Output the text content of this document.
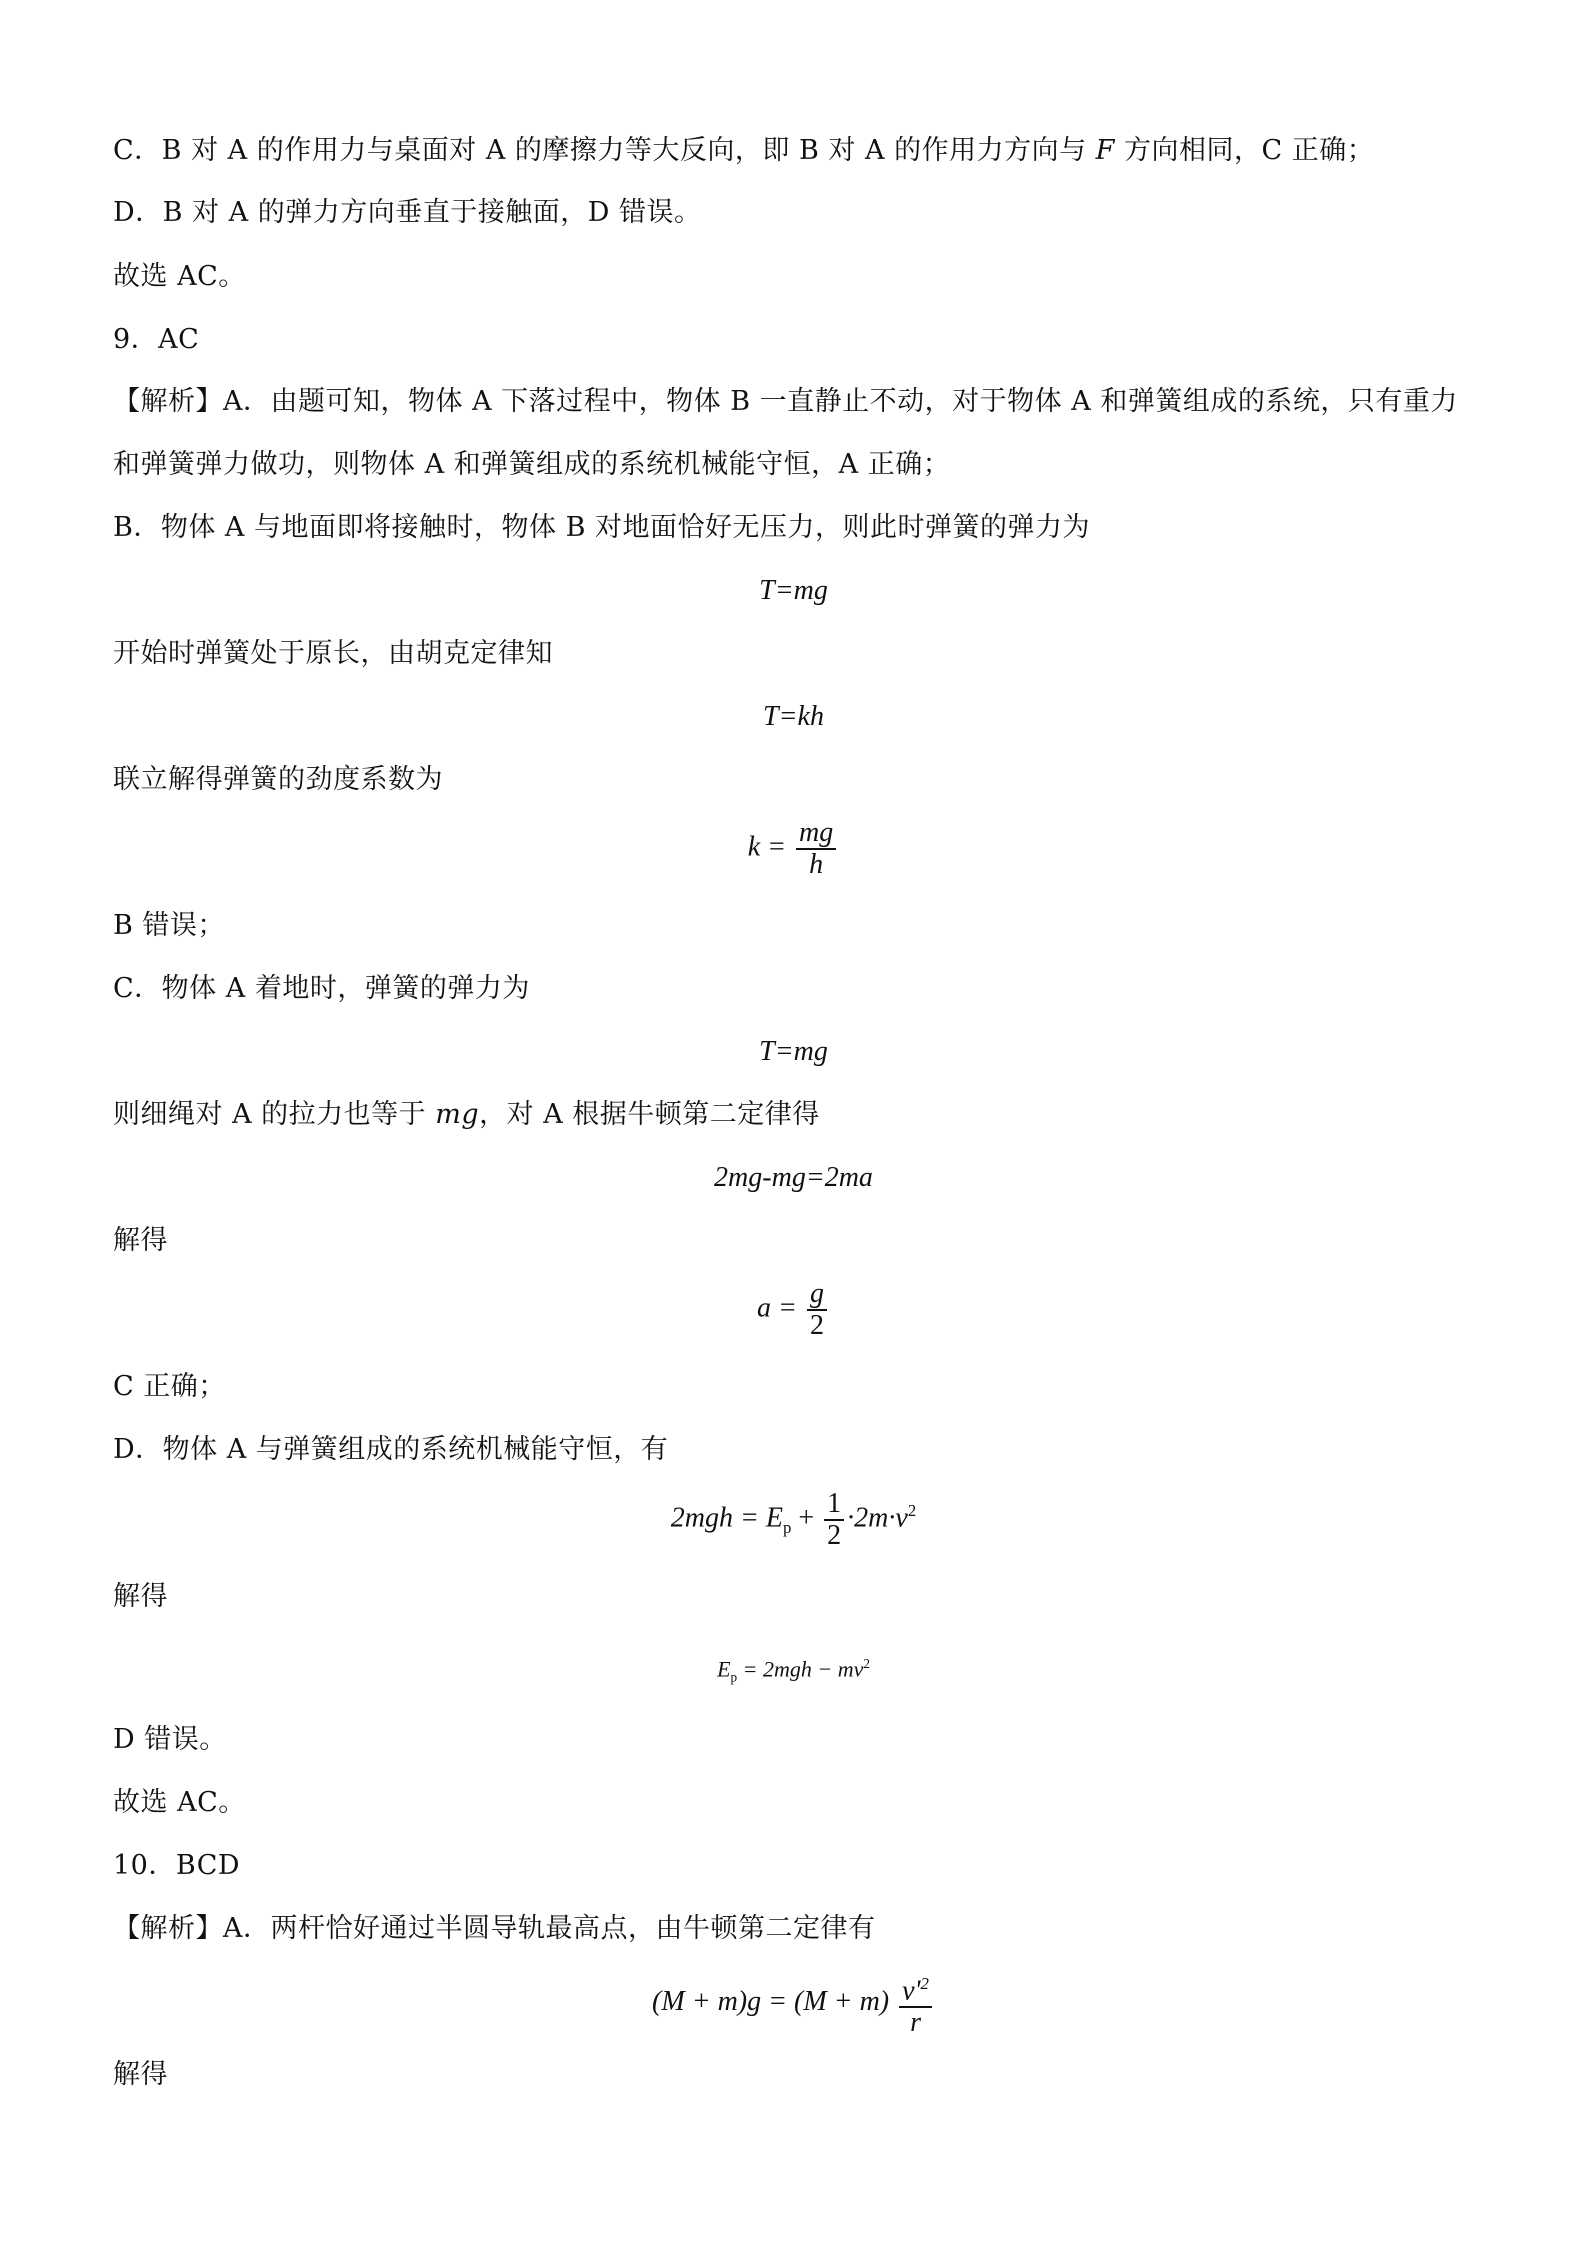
C．B 对 A 的作用力与桌面对 A 的摩擦力等大反向，即 B 对 A 的作用力方向与 F 方向相同，C 正确；
D．B 对 A 的弹力方向垂直于接触面，D 错误。
故选 AC。
9．AC
【解析】A．由题可知，物体 A 下落过程中，物体 B 一直静止不动，对于物体 A 和弹簧组成的系统，只有重力
和弹簧弹力做功，则物体 A 和弹簧组成的系统机械能守恒，A 正确；
B．物体 A 与地面即将接触时，物体 B 对地面恰好无压力，则此时弹簧的弹力为
T=mg
开始时弹簧处于原长，由胡克定律知
T=kh
联立解得弹簧的劲度系数为
$k = \frac{mg}{h}$
B 错误；
C．物体 A 着地时，弹簧的弹力为
T=mg
则细绳对 A 的拉力也等于 mg，对 A 根据牛顿第二定律得
2mg-mg=2ma
解得
$a = \frac{g}{2}$
C 正确；
D．物体 A 与弹簧组成的系统机械能守恒，有
$2mgh = E_p + \frac{1}{2} \cdot 2m\cdot v^2$
解得
$E_p = 2mgh - mv^2$
D 错误。
故选 AC。
10．BCD
【解析】A．两杆恰好通过半圆导轨最高点，由牛顿第二定律有
$(M + m)g = (M + m) \frac{v'^2}{r}$
解得
